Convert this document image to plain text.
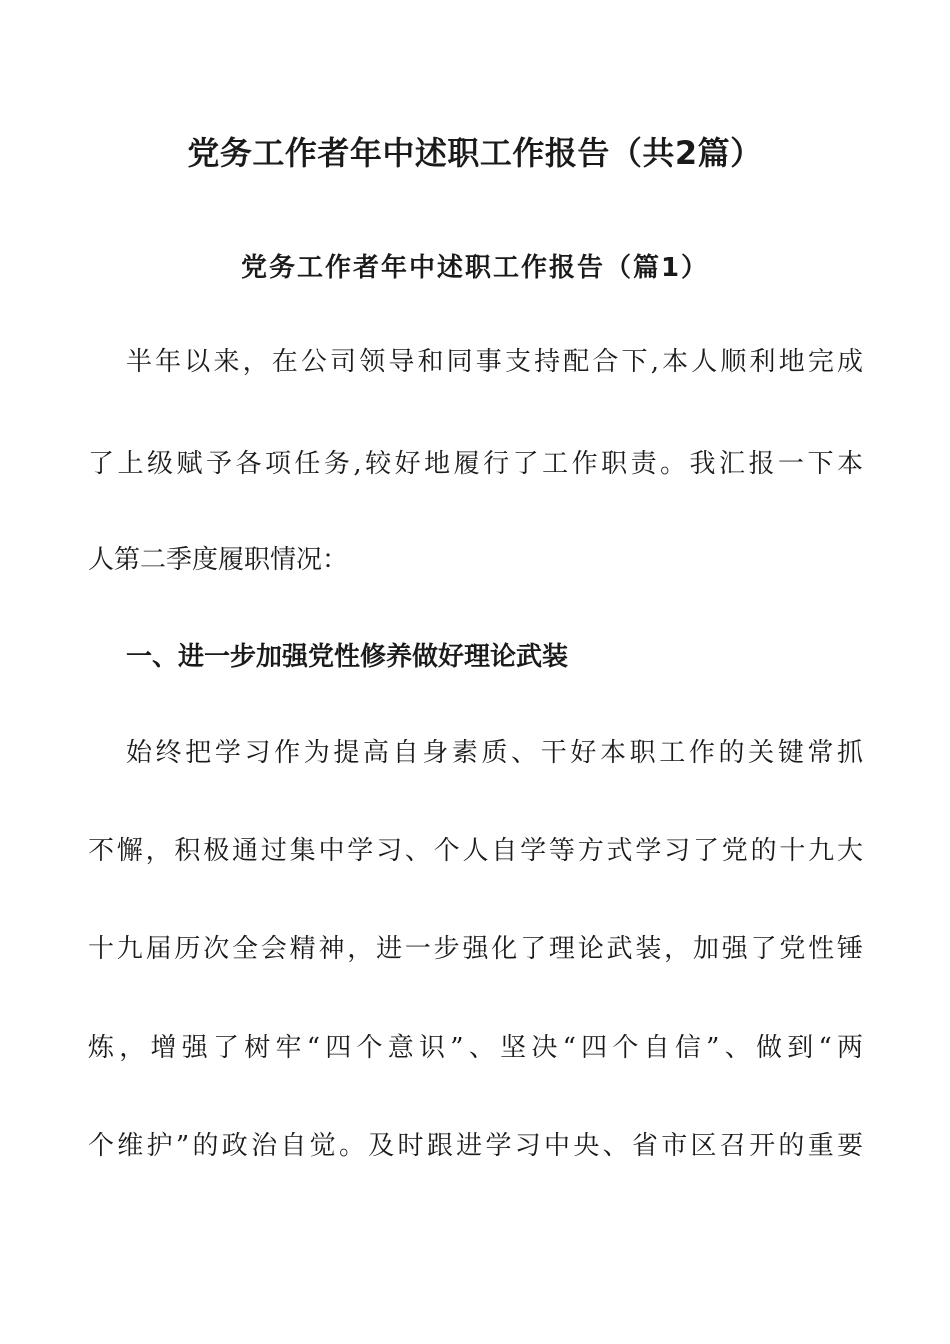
党务工作者年中述职工作报告（共2篇）
党务工作者年中述职工作报告（篇1）
半年以来，在公司领导和同事支持配合下,本人顺利地完成
了上级赋予各项任务,较好地履行了工作职责。我汇报一下本
人第二季度履职情况：
一、进一步加强党性修养做好理论武装
始终把学习作为提高自身素质、干好本职工作的关键常抓
不懈，积极通过集中学习、个人自学等方式学习了党的十九大
十九届历次全会精神，进一步强化了理论武装，加强了党性锤
炼，增强了树牢“四个意识”、坚决“四个自信”、做到“两
个维护”的政治自觉。及时跟进学习中央、省市区召开的重要
